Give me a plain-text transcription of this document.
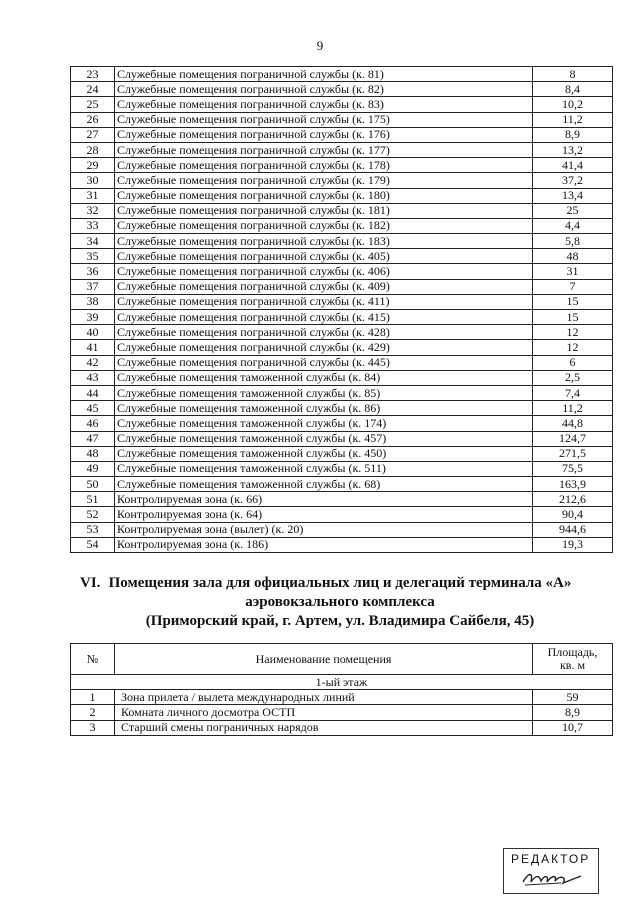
9
23	Служебные помещения пограничной службы (к. 81)	8
24	Служебные помещения пограничной службы (к. 82)	8,4
25	Служебные помещения пограничной службы (к. 83)	10,2
26	Служебные помещения пограничной службы (к. 175)	11,2
27	Служебные помещения пограничной службы (к. 176)	8,9
28	Служебные помещения пограничной службы (к. 177)	13,2
29	Служебные помещения пограничной службы (к. 178)	41,4
30	Служебные помещения пограничной службы (к. 179)	37,2
31	Служебные помещения пограничной службы (к. 180)	13,4
32	Служебные помещения пограничной службы (к. 181)	25
33	Служебные помещения пограничной службы (к. 182)	4,4
34	Служебные помещения пограничной службы (к. 183)	5,8
35	Служебные помещения пограничной службы (к. 405)	48
36	Служебные помещения пограничной службы (к. 406)	31
37	Служебные помещения пограничной службы (к. 409)	7
38	Служебные помещения пограничной службы (к. 411)	15
39	Служебные помещения пограничной службы (к. 415)	15
40	Служебные помещения пограничной службы (к. 428)	12
41	Служебные помещения пограничной службы (к. 429)	12
42	Служебные помещения пограничной службы (к. 445)	6
43	Служебные помещения таможенной службы (к. 84)	2,5
44	Служебные помещения таможенной службы (к. 85)	7,4
45	Служебные помещения таможенной службы (к. 86)	11,2
46	Служебные помещения таможенной службы (к. 174)	44,8
47	Служебные помещения таможенной службы (к. 457)	124,7
48	Служебные помещения таможенной службы (к. 450)	271,5
49	Служебные помещения таможенной службы (к. 511)	75,5
50	Служебные помещения таможенной службы (к. 68)	163,9
51	Контролируемая зона (к. 66)	212,6
52	Контролируемая зона (к. 64)	90,4
53	Контролируемая зона (вылет) (к. 20)	944,6
54	Контролируемая зона (к. 186)	19,3
VI. Помещения зала для официальных лиц и делегаций терминала «А»
аэровокзального комплекса
(Приморский край, г. Артем, ул. Владимира Сайбеля, 45)
№	Наименование помещения	Площадь,
кв. м
1-ый этаж		
1	Зона прилета / вылета международных линий	59
2	Комната личного досмотра ОСТП	8,9
3	Старший смены пограничных нарядов	10,7
РЕДАКТОР
